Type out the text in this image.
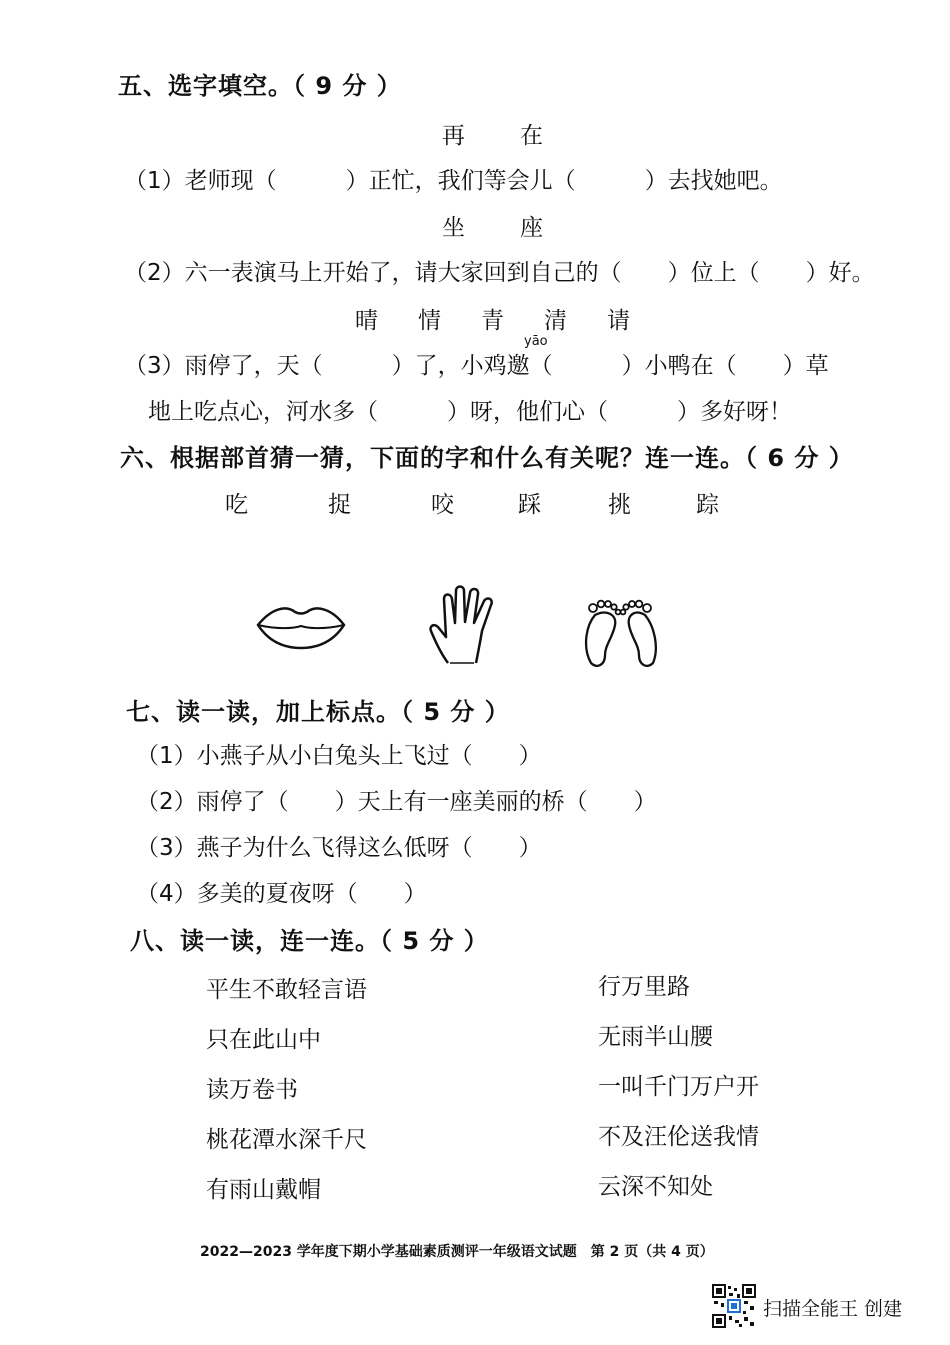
五、选字填空。（ 9 分 ）
再 在
（1）老师现（　　　）正忙，我们等会儿（　　　）去找她吧。
坐 座
（2）六一表演马上开始了，请大家回到自己的（　　）位上（　　）好。
晴 情 青 清 请
yāo
（3）雨停了，天（　　　）了，小鸡邀（　　　）小鸭在（　　）草
地上吃点心，河水多（　　　）呀，他们心（　　　）多好呀！
六、根据部首猜一猜，下面的字和什么有关呢？连一连。（ 6 分 ）
吃	捉	咬	踩	挑	踪
七、读一读，加上标点。（ 5 分 ）
（1）小燕子从小白兔头上飞过（　　）
（2）雨停了（　　）天上有一座美丽的桥（　　）
（3）燕子为什么飞得这么低呀（　　）
（4）多美的夏夜呀（　　）
八、读一读，连一连。（ 5 分 ）
平生不敢轻言语
只在此山中
读万卷书
桃花潭水深千尺
有雨山戴帽
行万里路
无雨半山腰
一叫千门万户开
不及汪伦送我情
云深不知处
2022—2023 学年度下期小学基础素质测评一年级语文试题　第 2 页（共 4 页）
扫描全能王 创建
